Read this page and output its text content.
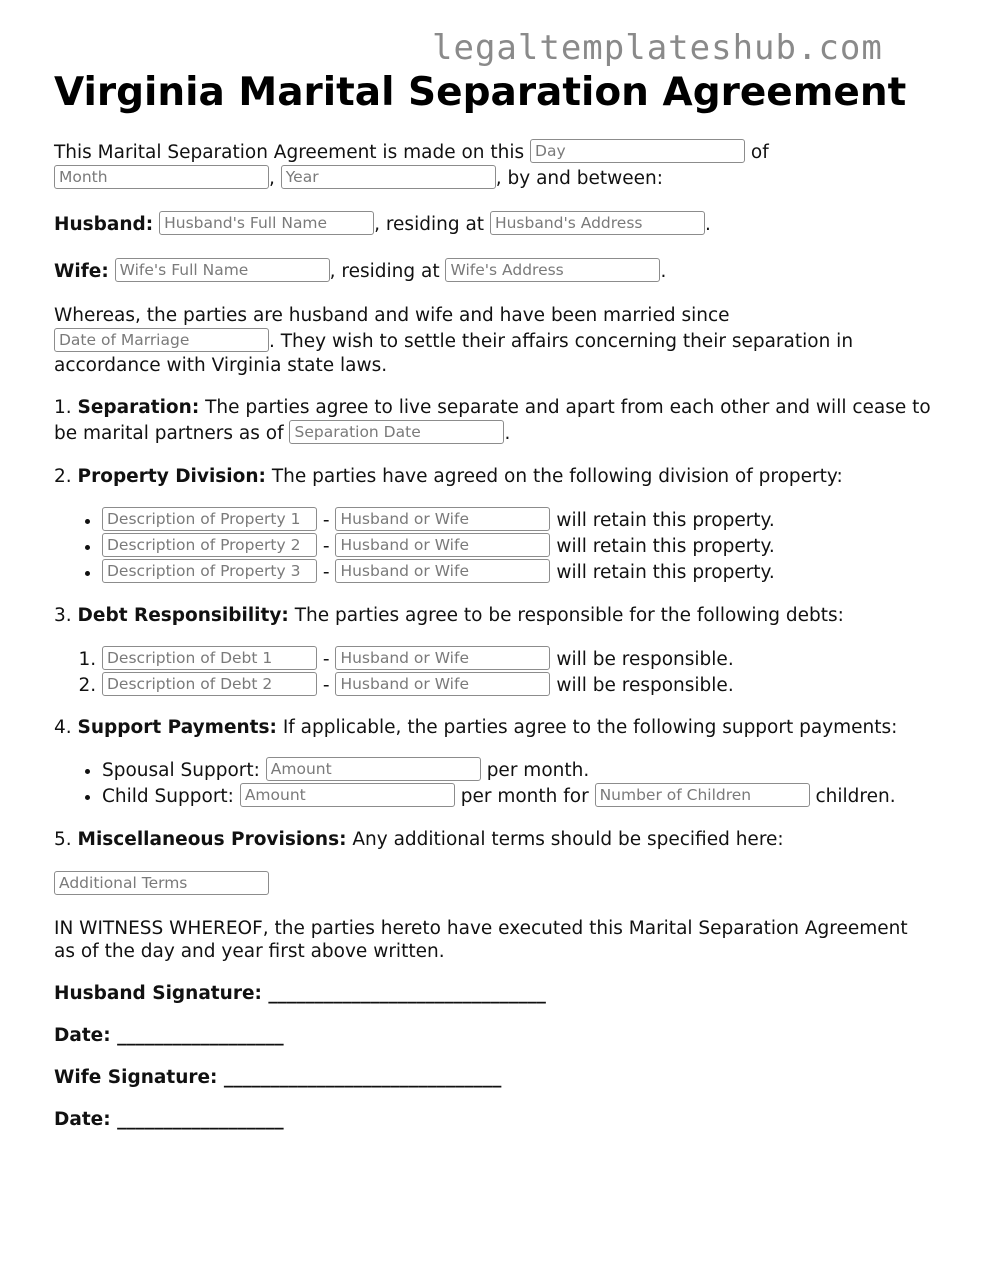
legaltemplateshub.com
Virginia Marital Separation Agreement

This Marital Separation Agreement is made on this Day	of
Month	, Year	, by and between:

Husband: Husband's Full Name	, residing at Husband's Address	.

Wife: Wife's Full Name	, residing at Wife's Address	.

Whereas, the parties are husband and wife and have been married since
Date of Marriage	. They wish to settle their affairs concerning their separation in accordance with Virginia state laws.

1. Separation: The parties agree to live separate and apart from each other and will cease to be marital partners as of Separation Date	.

2. Property Division: The parties have agreed on the following division of property:

• Description of Property 1 - Husband or Wife	will retain this property.
• Description of Property 2 - Husband or Wife	will retain this property.
• Description of Property 3 - Husband or Wife	will retain this property.

3. Debt Responsibility: The parties agree to be responsible for the following debts:

1. Description of Debt 1 - Husband or Wife	will be responsible.
2. Description of Debt 2 - Husband or Wife	will be responsible.

4. Support Payments: If applicable, the parties agree to the following support payments:

• Spousal Support: Amount	per month.
• Child Support: Amount	per month for Number of Children	children.

5. Miscellaneous Provisions: Any additional terms should be specified here:

Additional Terms

IN WITNESS WHEREOF, the parties hereto have executed this Marital Separation Agreement as of the day and year first above written.

Husband Signature: ______________________________

Date: __________________

Wife Signature: ______________________________

Date: __________________
